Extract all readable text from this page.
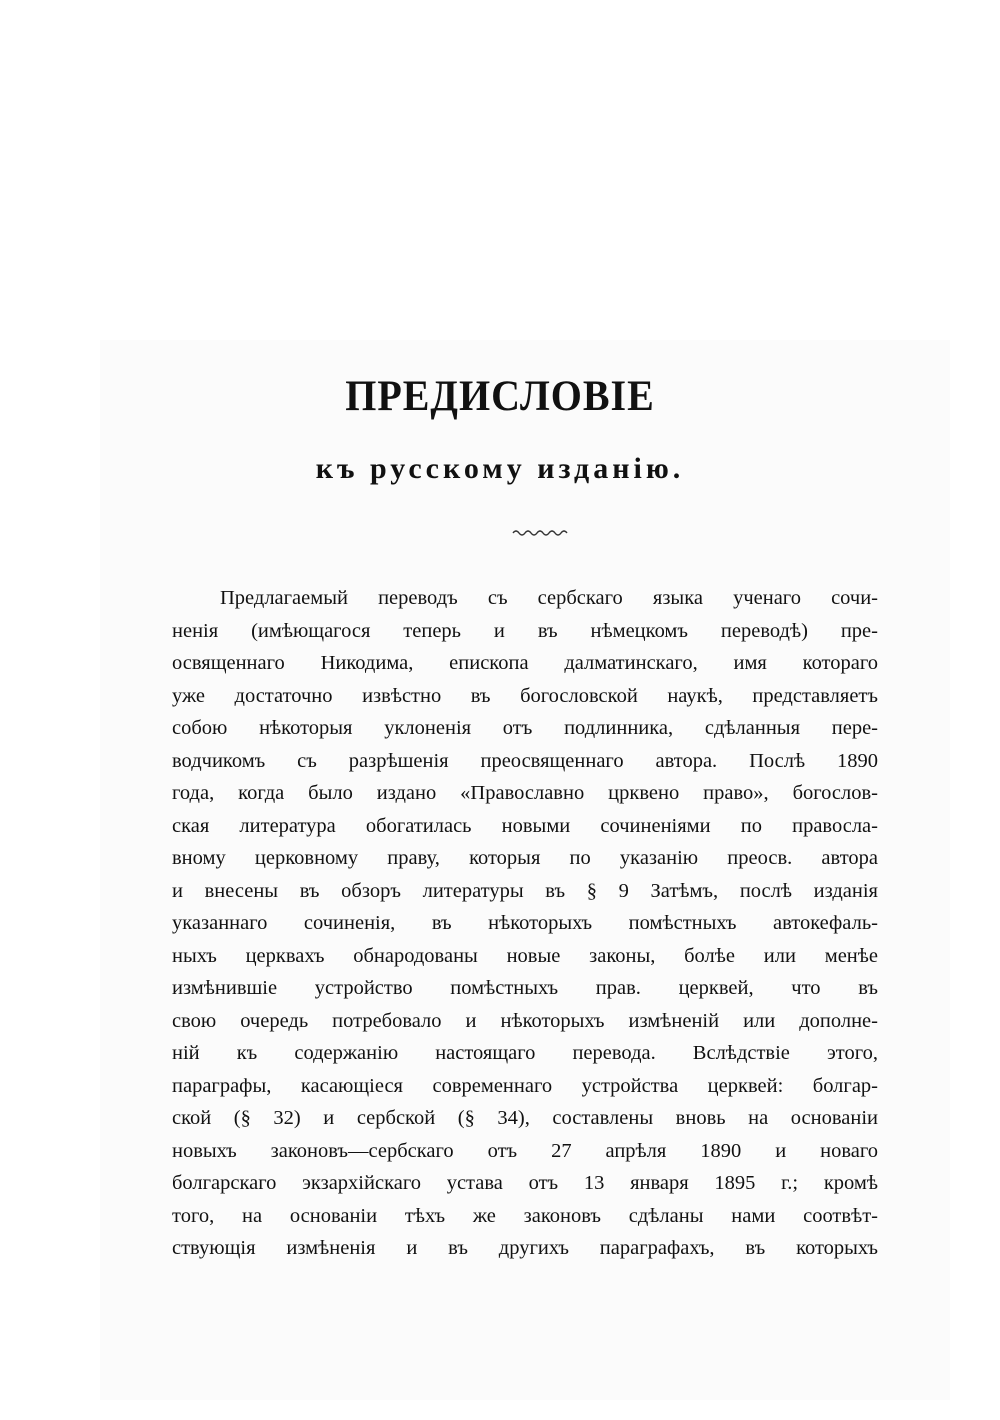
ПРЕДИСЛОВІЕ
къ русскому изданію.
Предлагаемый переводъ съ сербскаго языка ученаго сочи-
ненія (имѣющагося теперь и въ нѣмецкомъ переводѣ) пре-
освященнаго Никодима, епископа далматинскаго, имя котораго
уже достаточно извѣстно въ богословской наукѣ, представляетъ
собою нѣкоторыя уклоненія отъ подлинника, сдѣланныя пере-
водчикомъ съ разрѣшенія преосвященнаго автора. Послѣ 1890
года, когда было издано «Православно црквено право», богослов-
ская литература обогатилась новыми сочиненіями по правосла-
вному церковному праву, которыя по указанію преосв. автора
и внесены въ обзоръ литературы въ § 9 Затѣмъ, послѣ изданія
указаннаго сочиненія, въ нѣкоторыхъ помѣстныхъ автокефаль-
ныхъ церквахъ обнародованы новые законы, болѣе или менѣе
измѣнившіе устройство помѣстныхъ прав. церквей, что въ
свою очередь потребовало и нѣкоторыхъ измѣненій или дополне-
ній къ содержанію настоящаго перевода. Вслѣдствіе этого,
параграфы, касающіеся современнаго устройства церквей: болгар-
ской (§ 32) и сербской (§ 34), составлены вновь на основаніи
новыхъ законовъ—сербскаго отъ 27 апрѣля 1890 и новаго
болгарскаго экзархійскаго устава отъ 13 января 1895 г.; кромѣ
того, на основаніи тѣхъ же законовъ сдѣланы нами соотвѣт-
ствующія измѣненія и въ другихъ параграфахъ, въ которыхъ
